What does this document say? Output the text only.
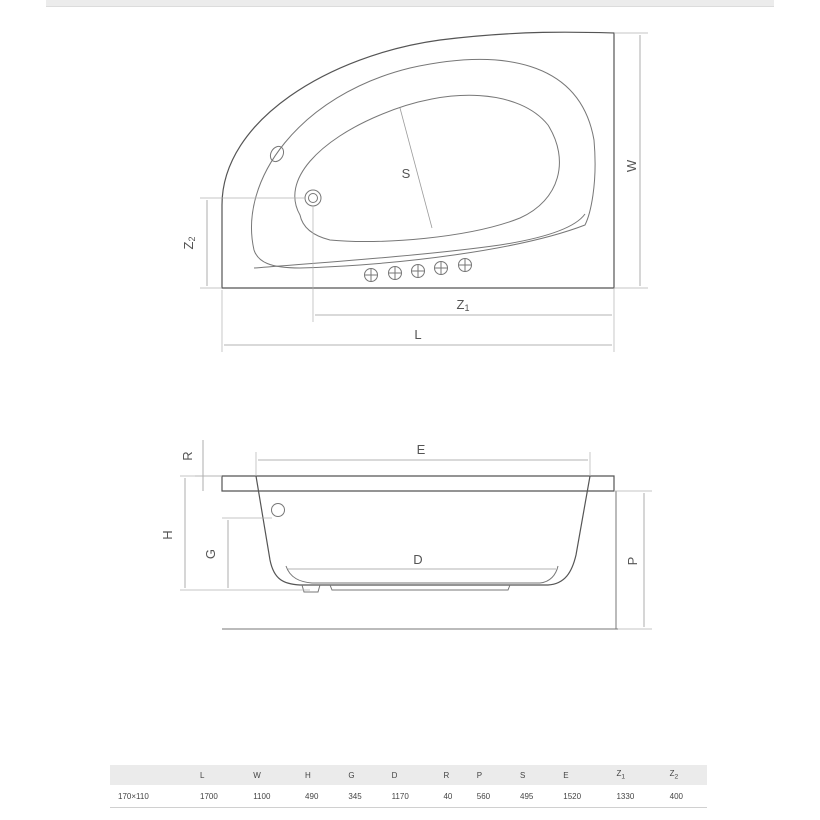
W
S
Z2
Z1
L
R	E
H
G	D	P
	L	W	H	G	D	R	P	S	E	$Z_1$	$Z_2$
170×110	1700	1100	490	345	1170	40	560	495	1520	1330	400
